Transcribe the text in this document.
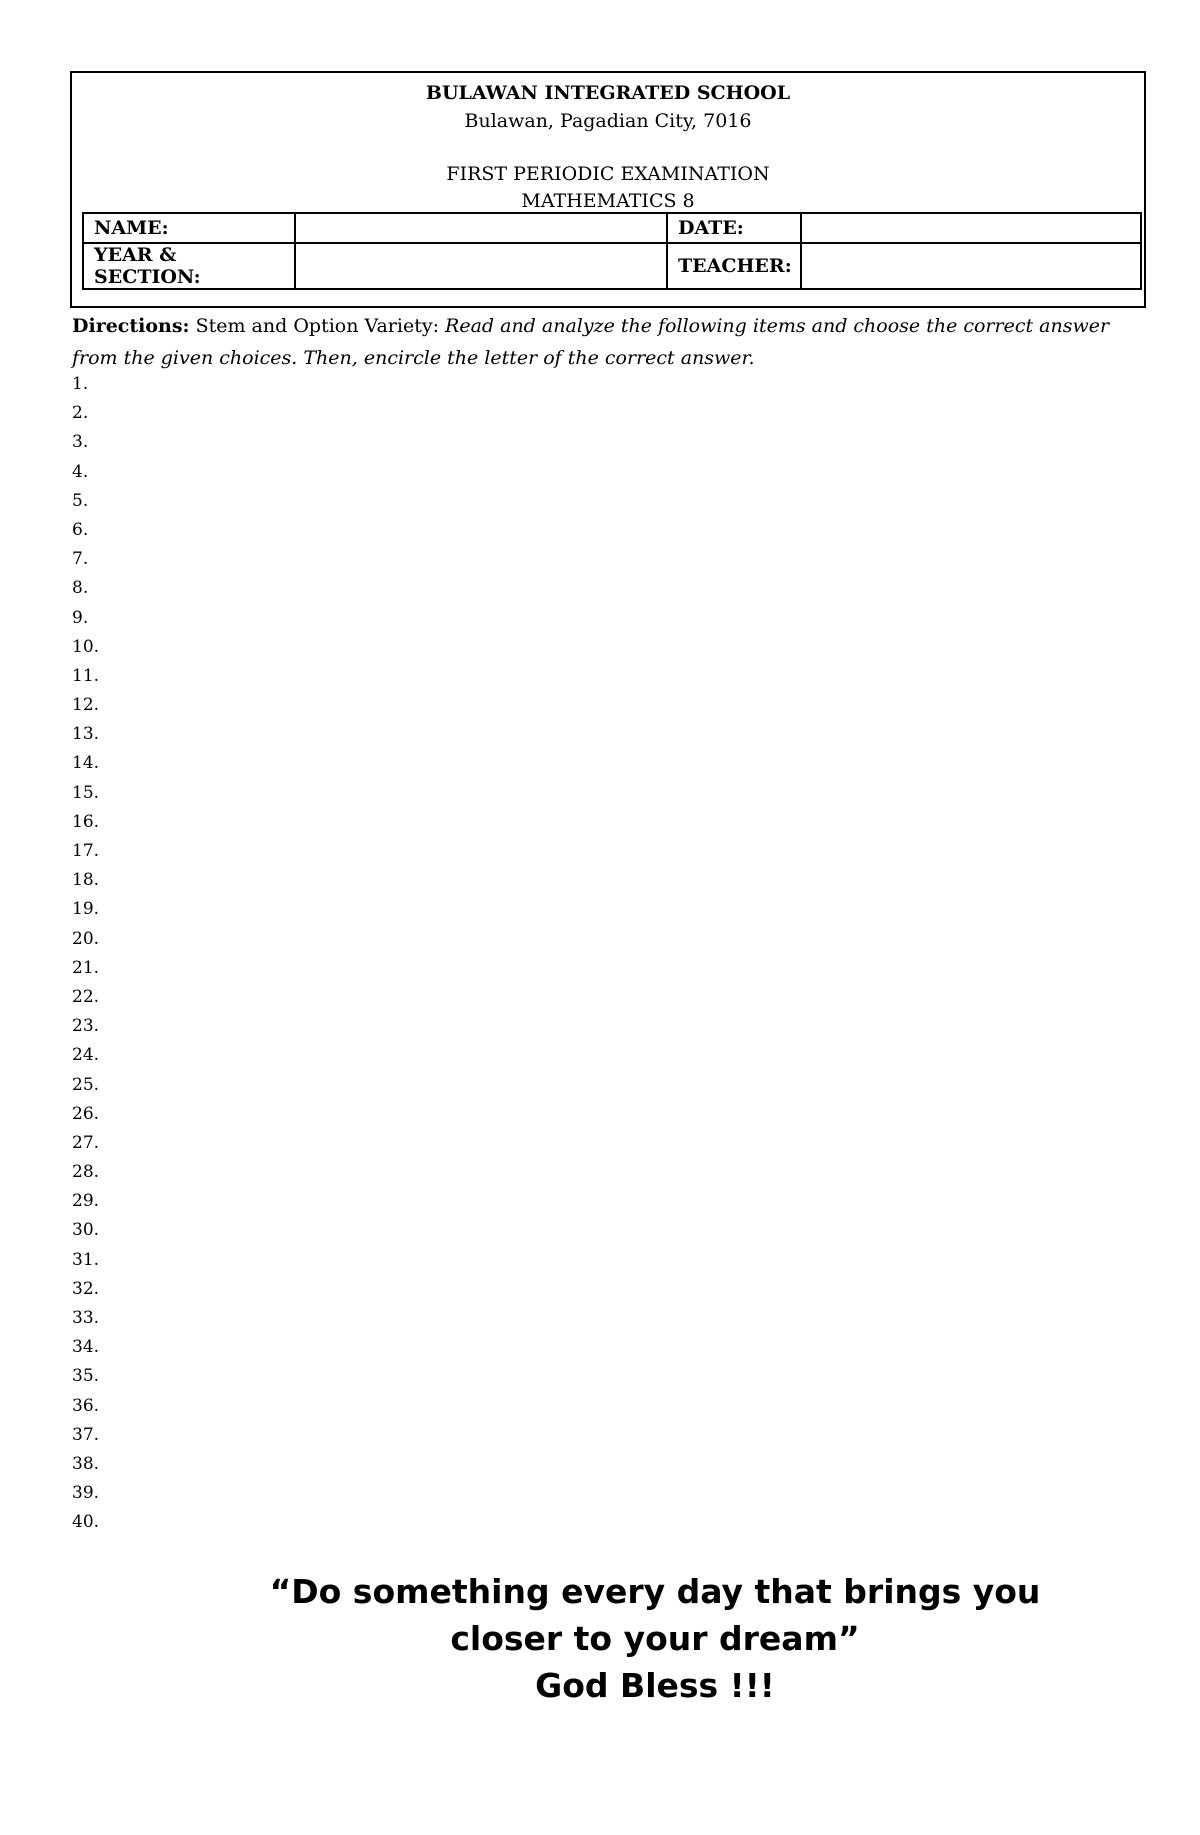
BULAWAN INTEGRATED SCHOOL
Bulawan, Pagadian City, 7016
FIRST PERIODIC EXAMINATION
MATHEMATICS 8
NAME:		DATE:	
YEAR & SECTION:		TEACHER:	
Directions: Stem and Option Variety: Read and analyze the following items and choose the correct answer from the given choices. Then, encircle the letter of the correct answer.
1.
2.
3.
4.
5.
6.
7.
8.
9.
10.
11.
12.
13.
14.
15.
16.
17.
18.
19.
20.
21.
22.
23.
24.
25.
26.
27.
28.
29.
30.
31.
32.
33.
34.
35.
36.
37.
38.
39.
40.
“Do something every day that brings you
closer to your dream”
God Bless !!!
